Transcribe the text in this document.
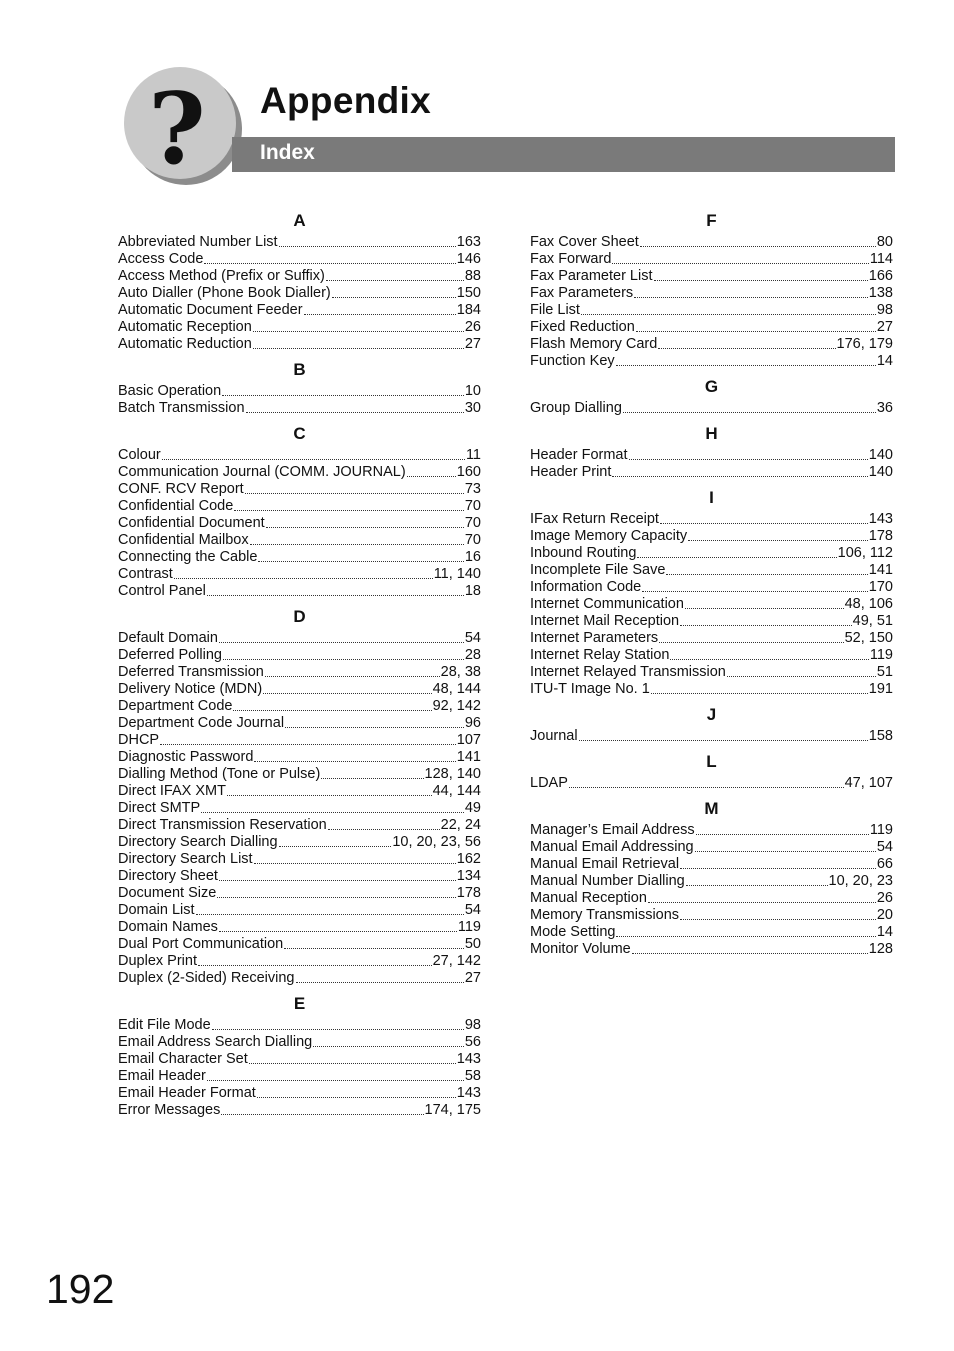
? Appendix
Index
A
Abbreviated Number List	163
Access Code	146
Access Method (Prefix or Suffix)	88
Auto Dialler (Phone Book Dialler)	150
Automatic Document Feeder	184
Automatic Reception	26
Automatic Reduction	27
B
Basic Operation	10
Batch Transmission	30
C
Colour	11
Communication Journal (COMM. JOURNAL)	160
CONF. RCV Report	73
Confidential Code	70
Confidential Document	70
Confidential Mailbox	70
Connecting the Cable	16
Contrast	11, 140
Control Panel	18
D
Default Domain	54
Deferred Polling	28
Deferred Transmission	28, 38
Delivery Notice (MDN)	48, 144
Department Code	92, 142
Department Code Journal	96
DHCP	107
Diagnostic Password	141
Dialling Method (Tone or Pulse)	128, 140
Direct IFAX XMT	44, 144
Direct SMTP	49
Direct Transmission Reservation	22, 24
Directory Search Dialling	10, 20, 23, 56
Directory Search List	162
Directory Sheet	134
Document Size	178
Domain List	54
Domain Names	119
Dual Port Communication	50
Duplex Print	27, 142
Duplex (2-Sided) Receiving	27
E
Edit File Mode	98
Email Address Search Dialling	56
Email Character Set	143
Email Header	58
Email Header Format	143
Error Messages	174, 175
F
Fax Cover Sheet	80
Fax Forward	114
Fax Parameter List	166
Fax Parameters	138
File List	98
Fixed Reduction	27
Flash Memory Card	176, 179
Function Key	14
G
Group Dialling	36
H
Header Format	140
Header Print	140
I
IFax Return Receipt	143
Image Memory Capacity	178
Inbound Routing	106, 112
Incomplete File Save	141
Information Code	170
Internet Communication	48, 106
Internet Mail Reception	49, 51
Internet Parameters	52, 150
Internet Relay Station	119
Internet Relayed Transmission	51
ITU-T Image No. 1	191
J
Journal	158
L
LDAP	47, 107
M
Manager’s Email Address	119
Manual Email Addressing	54
Manual Email Retrieval	66
Manual Number Dialling	10, 20, 23
Manual Reception	26
Memory Transmissions	20
Mode Setting	14
Monitor Volume	128
192
